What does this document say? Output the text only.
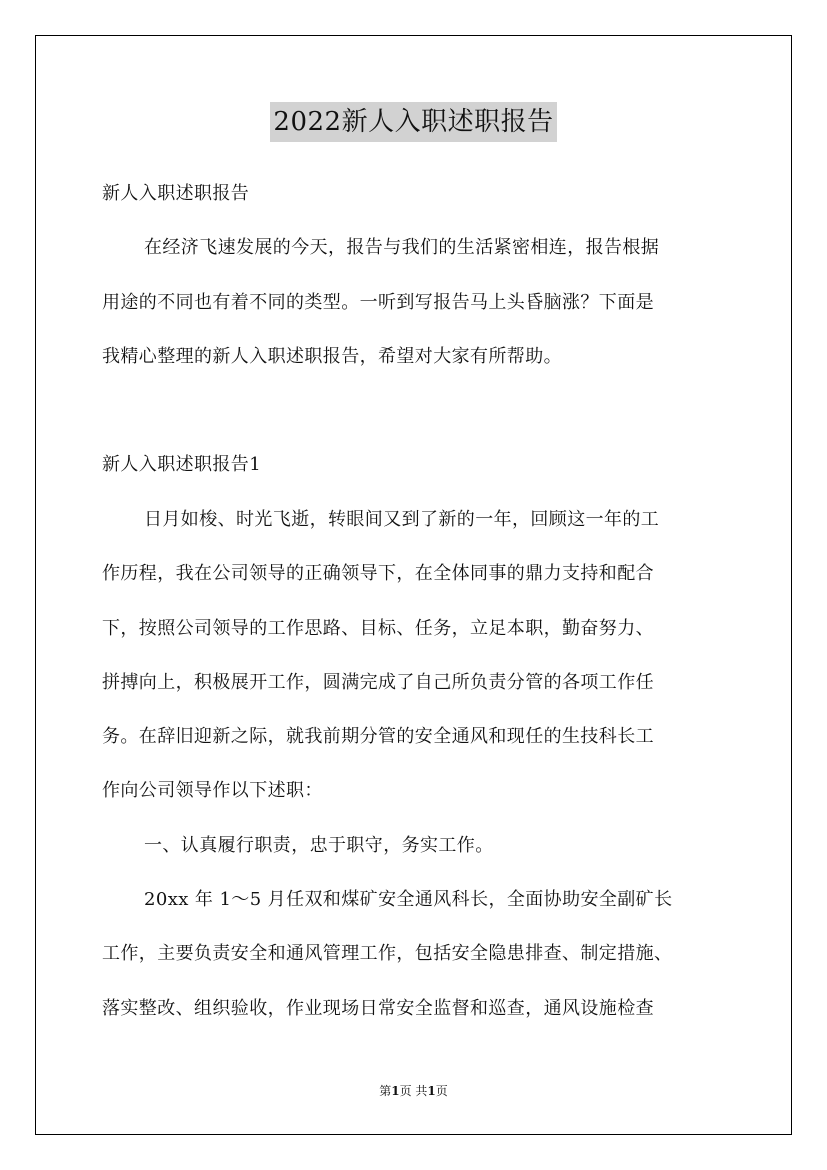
2022新人入职述职报告
新人入职述职报告
在经济飞速发展的今天，报告与我们的生活紧密相连，报告根据
用途的不同也有着不同的类型。一听到写报告马上头昏脑涨？下面是
我精心整理的新人入职述职报告，希望对大家有所帮助。
新人入职述职报告1
日月如梭、时光飞逝，转眼间又到了新的一年，回顾这一年的工
作历程，我在公司领导的正确领导下，在全体同事的鼎力支持和配合
下，按照公司领导的工作思路、目标、任务，立足本职，勤奋努力、
拼搏向上，积极展开工作，圆满完成了自己所负责分管的各项工作任
务。在辞旧迎新之际，就我前期分管的安全通风和现任的生技科长工
作向公司领导作以下述职：
一、认真履行职责，忠于职守，务实工作。
20xx 年 1～5 月任双和煤矿安全通风科长，全面协助安全副矿长
工作，主要负责安全和通风管理工作，包括安全隐患排查、制定措施、
落实整改、组织验收，作业现场日常安全监督和巡查，通风设施检查
第1页 共1页
